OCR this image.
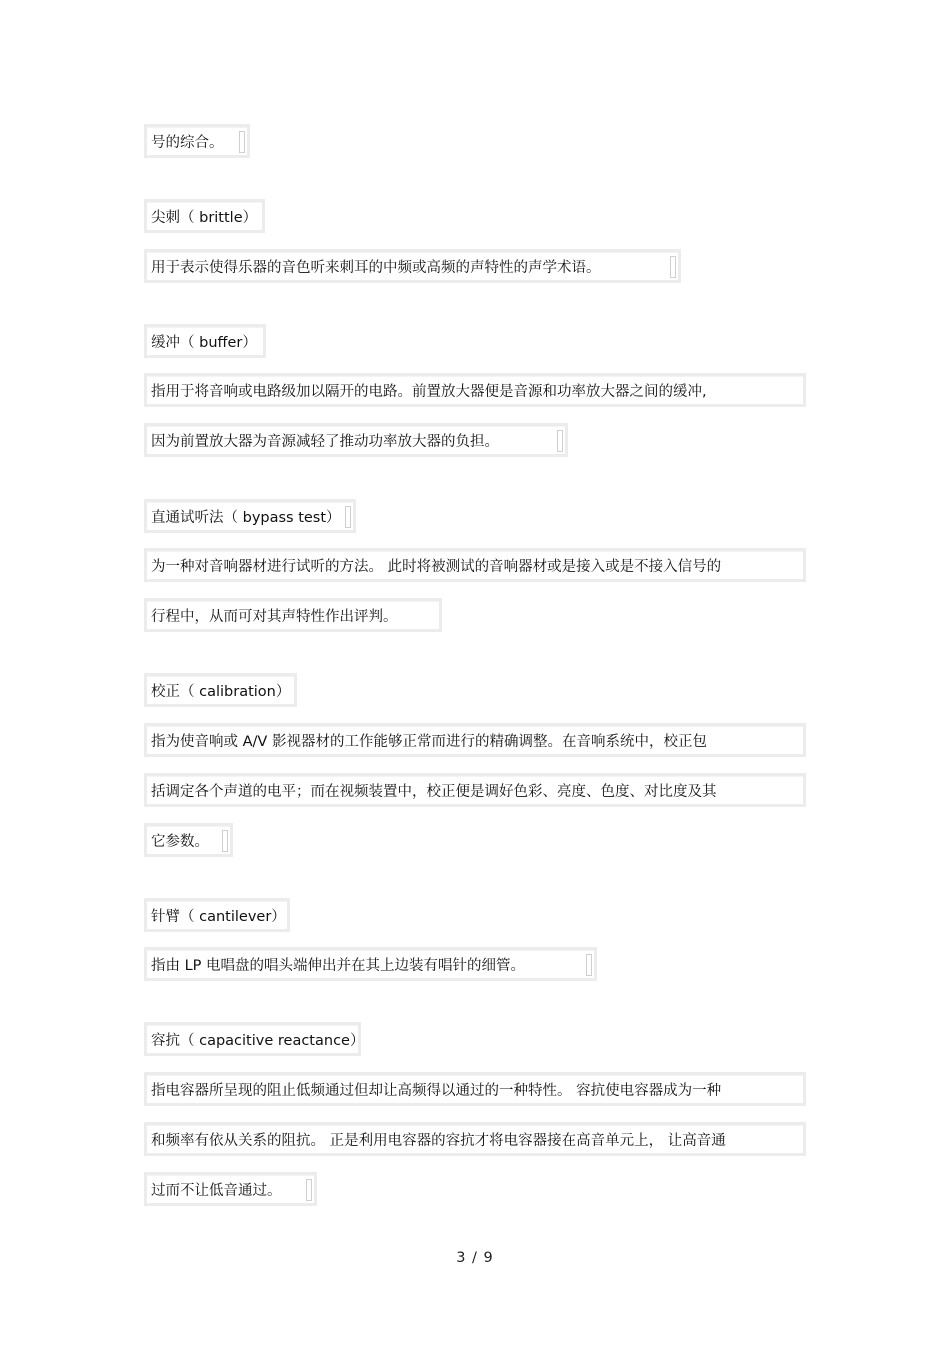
号的综合。
尖刺（ brittle）
用于表示使得乐器的音色听来刺耳的中频或高频的声特性的声学术语。
缓冲（ buffer）
指用于将音响或电路级加以隔开的电路。前置放大器便是音源和功率放大器之间的缓冲,
因为前置放大器为音源减轻了推动功率放大器的负担。
直通试听法（ bypass test）
为一种对音响器材进行试听的方法。 此时将被测试的音响器材或是接入或是不接入信号的
行程中，从而可对其声特性作出评判。
校正（ calibration）
指为使音响或 A/V 影视器材的工作能够正常而进行的精确调整。在音响系统中，校正包
括调定各个声道的电平；而在视频装置中，校正便是调好色彩、亮度、色度、对比度及其
它参数。
针臂（ cantilever）
指由 LP 电唱盘的唱头端伸出并在其上边装有唱针的细管。
容抗（ capacitive reactance）
指电容器所呈现的阻止低频通过但却让高频得以通过的一种特性。 容抗使电容器成为一种
和频率有依从关系的阻抗。 正是利用电容器的容抗才将电容器接在高音单元上， 让高音通
过而不让低音通过。
3 / 9
